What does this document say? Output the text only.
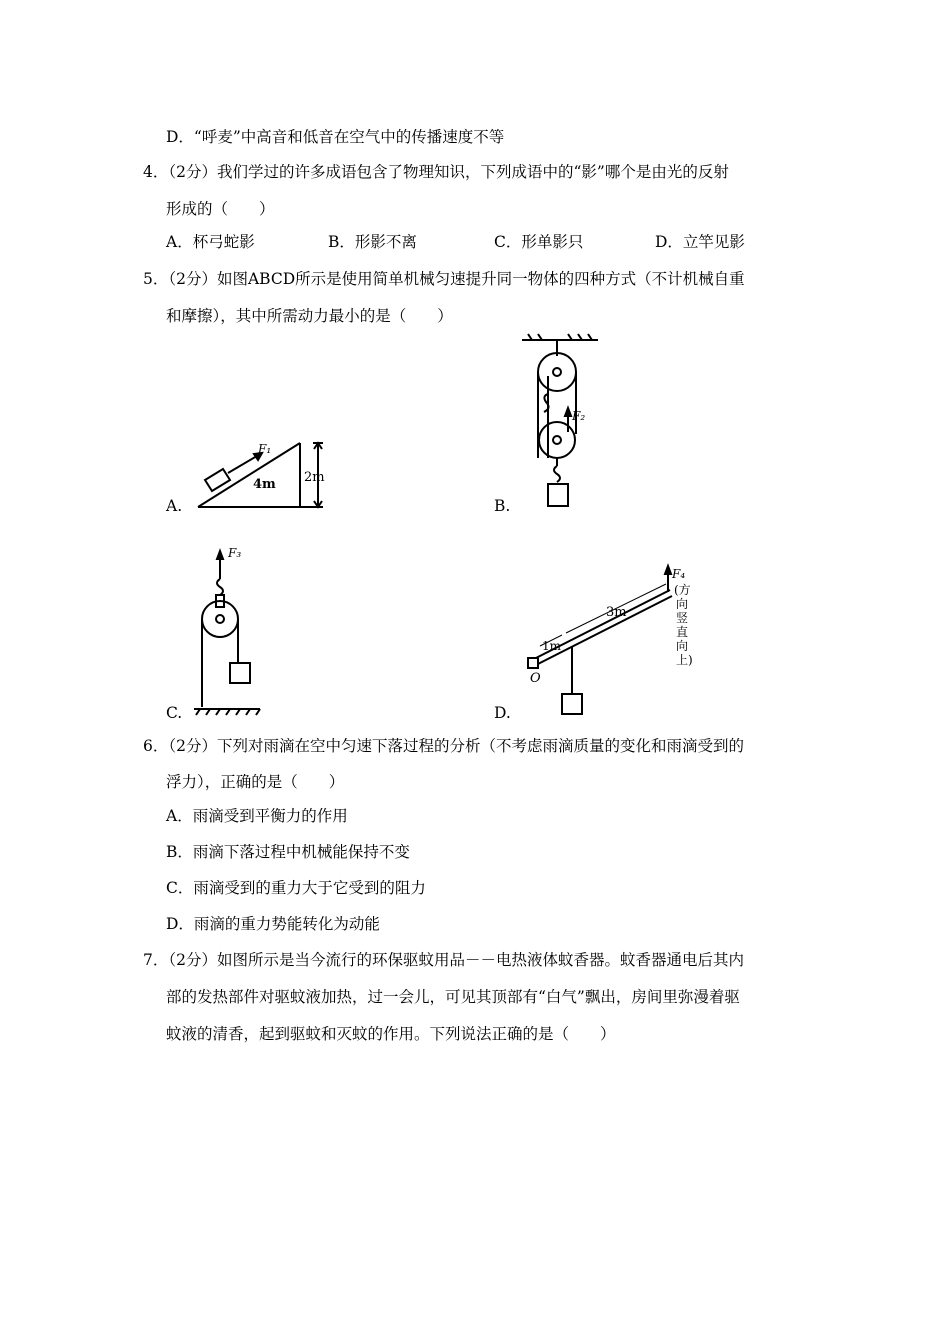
D．“呼麦”中高音和低音在空气中的传播速度不等
4．（2分）我们学过的许多成语包含了物理知识，下列成语中的“影”哪个是由光的反射
形成的（　　）
A．杯弓蛇影	B．形影不离	C．形单影只	D．立竿见影
5．（2分）如图ABCD所示是使用简单机械匀速提升同一物体的四种方式（不计机械自重
和摩擦），其中所需动力最小的是（　　）
A.
F₁
4m 2m
B.
F₂
C.
F₃
D.
F₄
3m
1m
O
(方 向 竖 直 向 上)
6．（2分）下列对雨滴在空中匀速下落过程的分析（不考虑雨滴质量的变化和雨滴受到的
浮力），正确的是（　　）
A．雨滴受到平衡力的作用
B．雨滴下落过程中机械能保持不变
C．雨滴受到的重力大于它受到的阻力
D．雨滴的重力势能转化为动能
7．（2分）如图所示是当今流行的环保驱蚊用品－－电热液体蚊香器。蚊香器通电后其内
部的发热部件对驱蚊液加热，过一会儿，可见其顶部有“白气”飘出，房间里弥漫着驱
蚊液的清香，起到驱蚊和灭蚊的作用。下列说法正确的是（　　）
